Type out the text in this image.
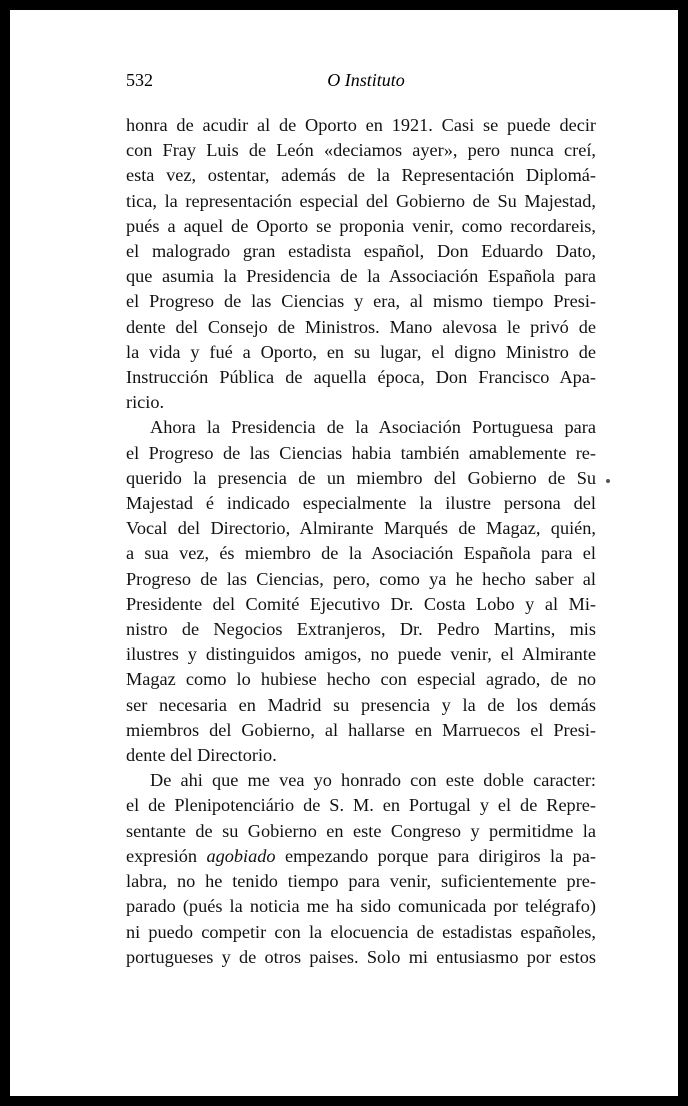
532	O Instituto
honra de acudir al de Oporto en 1921. Casi se puede decir
con Fray Luis de León «deciamos ayer», pero nunca creí,
esta vez, ostentar, además de la Representación Diplomá-
tica, la representación especial del Gobierno de Su Majestad,
pués a aquel de Oporto se proponia venir, como recordareis,
el malogrado gran estadista español, Don Eduardo Dato,
que asumia la Presidencia de la Associación Española para
el Progreso de las Ciencias y era, al mismo tiempo Presi-
dente del Consejo de Ministros. Mano alevosa le privó de
la vida y fué a Oporto, en su lugar, el digno Ministro de
Instrucción Pública de aquella época, Don Francisco Apa-
ricio.
Ahora la Presidencia de la Asociación Portuguesa para
el Progreso de las Ciencias habia también amablemente re-
querido la presencia de un miembro del Gobierno de Su
Majestad é indicado especialmente la ilustre persona del
Vocal del Directorio, Almirante Marqués de Magaz, quién,
a sua vez, és miembro de la Asociación Española para el
Progreso de las Ciencias, pero, como ya he hecho saber al
Presidente del Comité Ejecutivo Dr. Costa Lobo y al Mi-
nistro de Negocios Extranjeros, Dr. Pedro Martins, mis
ilustres y distinguidos amigos, no puede venir, el Almirante
Magaz como lo hubiese hecho con especial agrado, de no
ser necesaria en Madrid su presencia y la de los demás
miembros del Gobierno, al hallarse en Marruecos el Presi-
dente del Directorio.
De ahi que me vea yo honrado con este doble caracter:
el de Plenipotenciário de S. M. en Portugal y el de Repre-
sentante de su Gobierno en este Congreso y permitidme la
expresión agobiado empezando porque para dirigiros la pa-
labra, no he tenido tiempo para venir, suficientemente pre-
parado (pués la noticia me ha sido comunicada por telégrafo)
ni puedo competir con la elocuencia de estadistas españoles,
portugueses y de otros paises. Solo mi entusiasmo por estos
